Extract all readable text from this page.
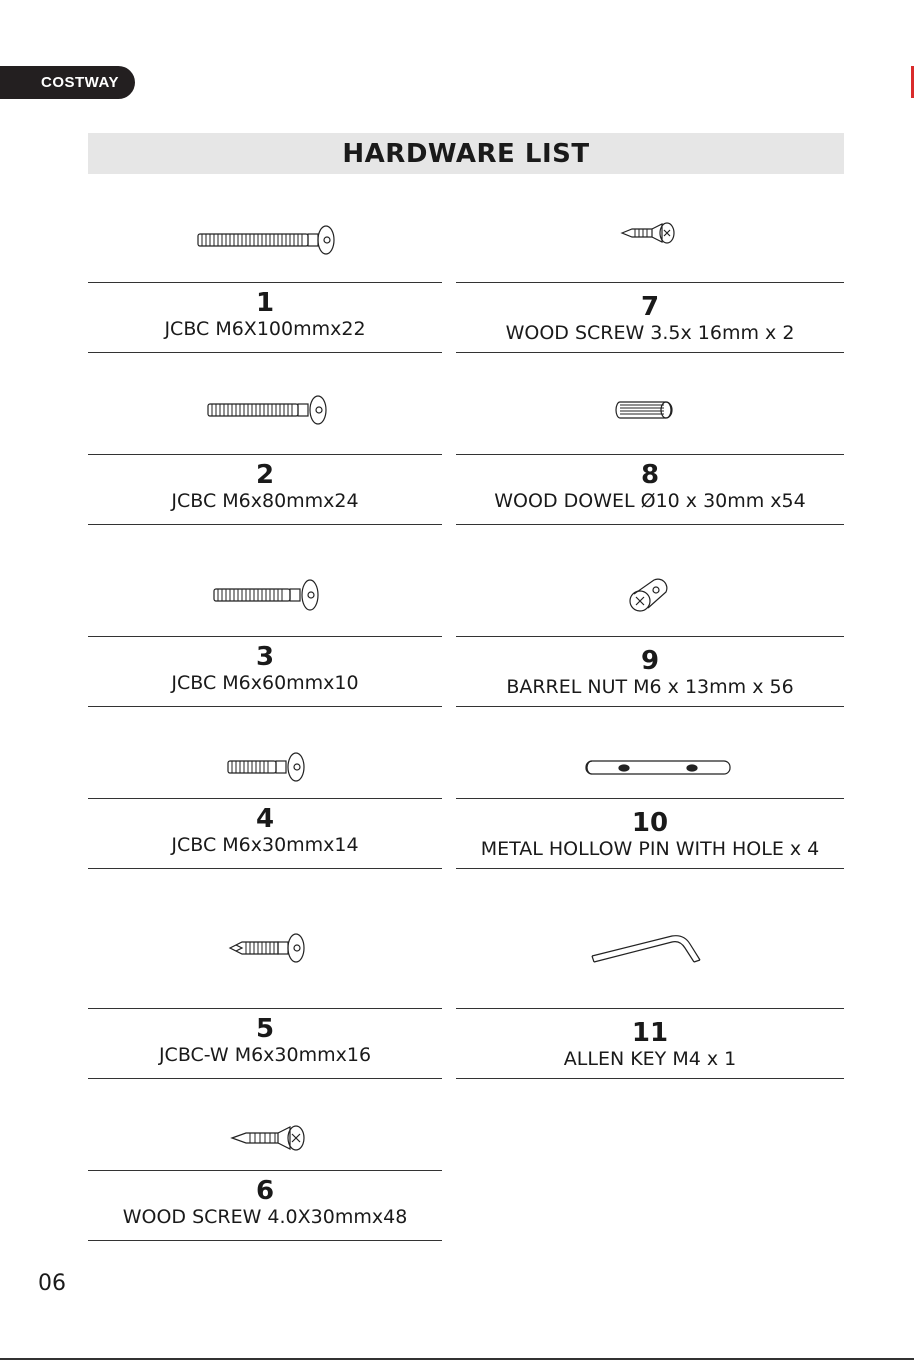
COSTWAY
HARDWARE LIST
1
JCBC M6X100mmx22
2
JCBC M6x80mmx24
3
JCBC M6x60mmx10
4
JCBC M6x30mmx14
5
JCBC-W M6x30mmx16
6
WOOD SCREW 4.0X30mmx48
7
WOOD SCREW 3.5x 16mm x 2
8
WOOD DOWEL Ø10 x 30mm x54
9
BARREL NUT M6 x 13mm x 56
10
METAL HOLLOW PIN WITH HOLE x 4
11
ALLEN KEY M4 x 1
06
